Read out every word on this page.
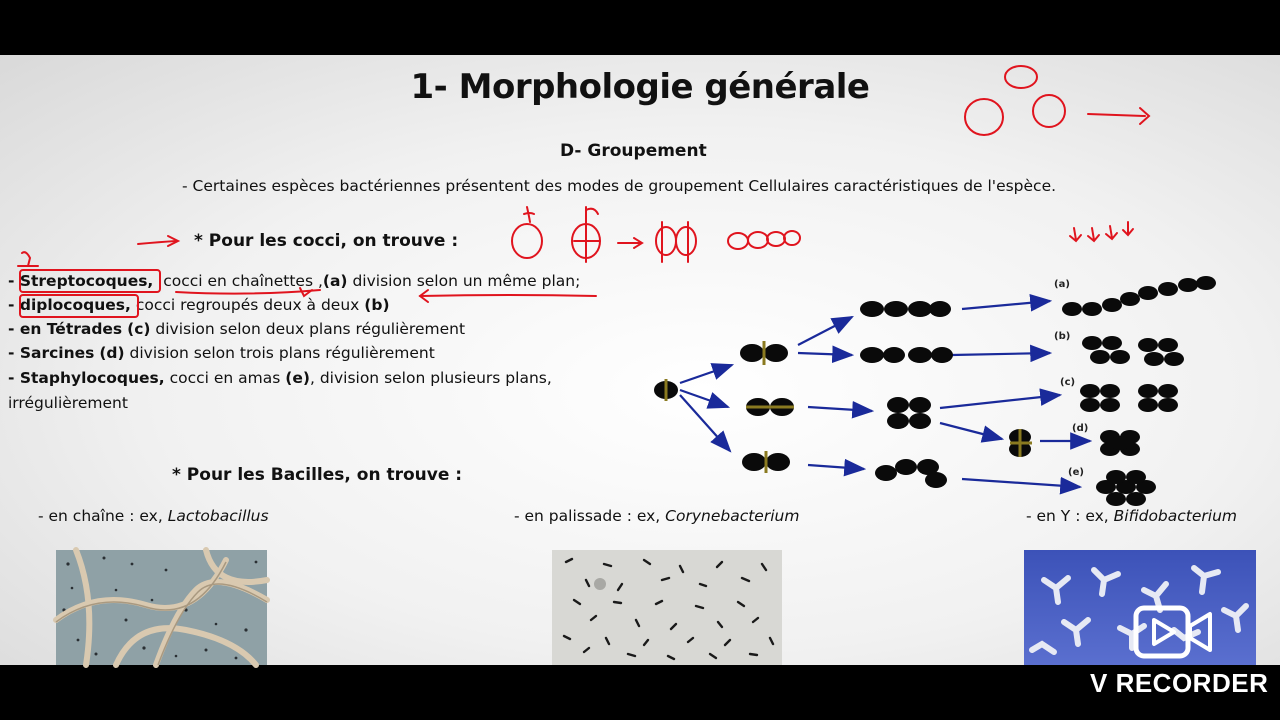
1- Morphologie générale
D- Groupement
- Certaines espèces bactériennes présentent des modes de groupement Cellulaires caractéristiques de l'espèce.
* Pour les cocci, on trouve :
- Streptocoques, cocci en chaînettes ,(a) division selon un même plan;
- diplocoques, cocci regroupés deux à deux (b)
- en Tétrades (c) division selon deux plans régulièrement
- Sarcines (d) division selon trois plans régulièrement
- Staphylocoques, cocci en amas (e), division selon plusieurs plans,
irrégulièrement
* Pour les Bacilles, on trouve :
- en chaîne : ex, Lactobacillus	- en palissade : ex, Corynebacterium	- en Y : ex, Bifidobacterium
(a)
(b)
(c)
(d)
(e)
V RECORDER
